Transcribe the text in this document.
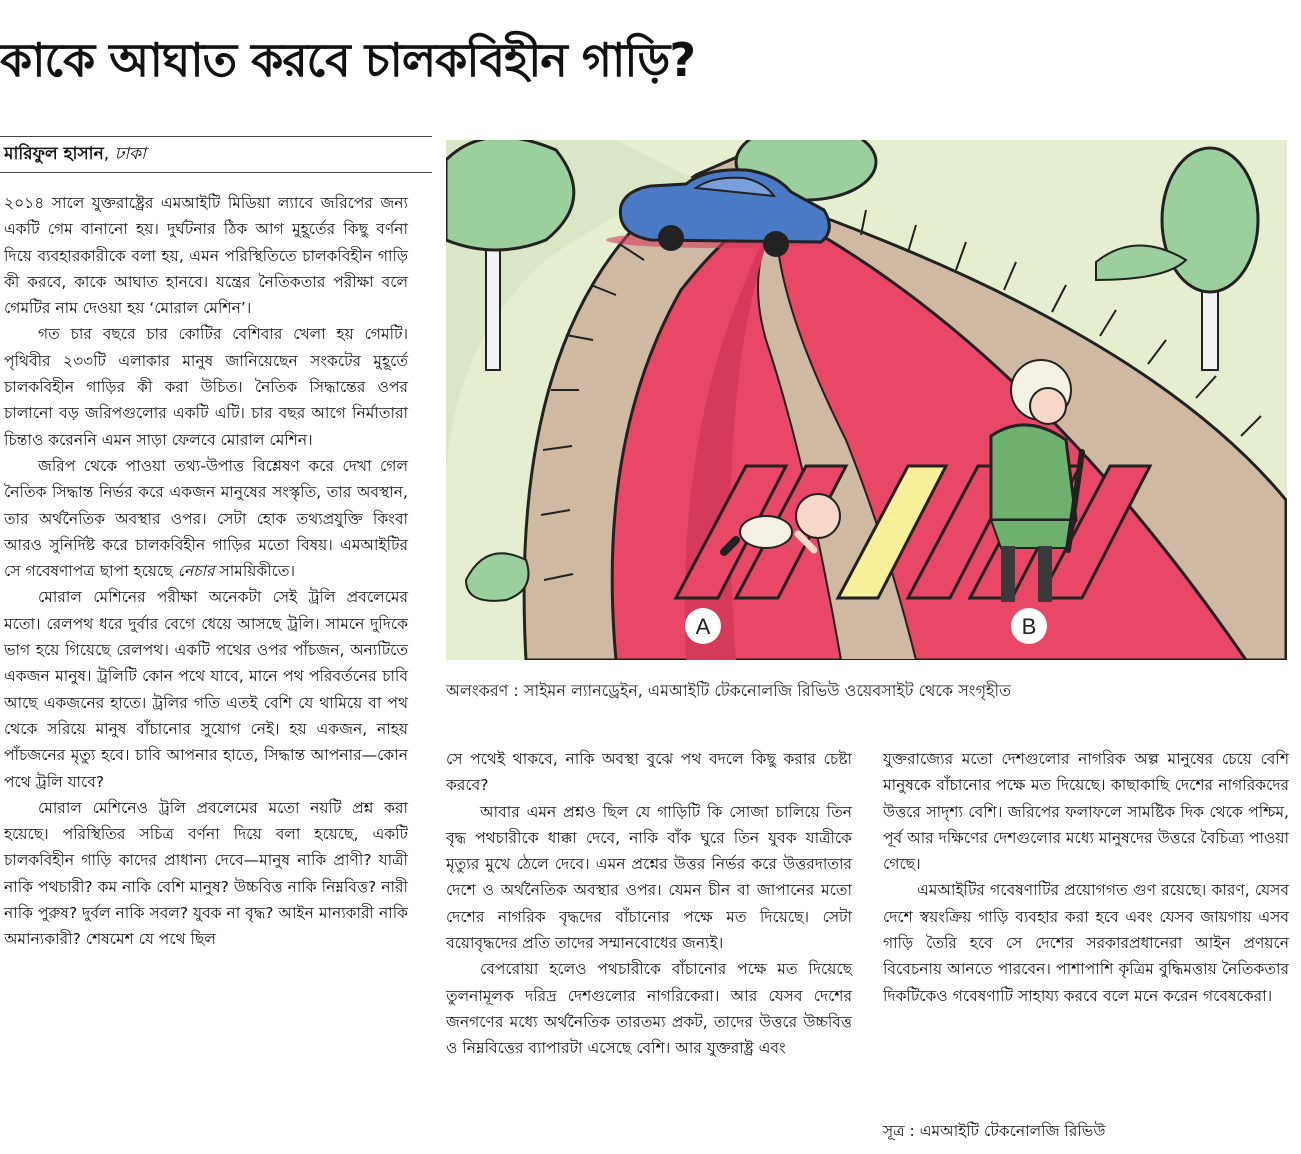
কাকে আঘাত করবে চালকবিহীন গাড়ি?
মারিফুল হাসান, ঢাকা

২০১৪ সালে যুক্তরাষ্ট্রের এমআইটি মিডিয়া ল্যাবে জরিপের জন্য একটি গেম বানানো হয়। দুর্ঘটনার ঠিক আগ মুহূর্তের কিছু বর্ণনা দিয়ে ব্যবহারকারীকে বলা হয়, এমন পরিস্থিতিতে চালকবিহীন গাড়ি কী করবে, কাকে আঘাত হানবে। যন্ত্রের নৈতিকতার পরীক্ষা বলে গেমটির নাম দেওয়া হয় ‘মোরাল মেশিন’।

গত চার বছরে চার কোটির বেশিবার খেলা হয় গেমটি। পৃথিবীর ২৩৩টি এলাকার মানুষ জানিয়েছেন সংকটের মুহূর্তে চালকবিহীন গাড়ির কী করা উচিত। নৈতিক সিদ্ধান্তের ওপর চালানো বড় জরিপগুলোর একটি এটি। চার বছর আগে নির্মাতারা চিন্তাও করেননি এমন সাড়া ফেলবে মোরাল মেশিন।

জরিপ থেকে পাওয়া তথ্য-উপাত্ত বিশ্লেষণ করে দেখা গেল নৈতিক সিদ্ধান্ত নির্ভর করে একজন মানুষের সংস্কৃতি, তার অবস্থান, তার অর্থনৈতিক অবস্থার ওপর। সেটা হোক তথ্যপ্রযুক্তি কিংবা আরও সুনির্দিষ্ট করে চালকবিহীন গাড়ির মতো বিষয়। এমআইটির সে গবেষণাপত্র ছাপা হয়েছে নেচার সাময়িকীতে।

মোরাল মেশিনের পরীক্ষা অনেকটা সেই ট্রলি প্রবলেমের মতো। রেলপথ ধরে দুর্বার বেগে ধেয়ে আসছে ট্রলি। সামনে দুদিকে ভাগ হয়ে গিয়েছে রেলপথ। একটি পথের ওপর পাঁচজন, অন্যটিতে একজন মানুষ। ট্রলিটি কোন পথে যাবে, মানে পথ পরিবর্তনের চাবি আছে একজনের হাতে। ট্রলির গতি এতই বেশি যে থামিয়ে বা পথ থেকে সরিয়ে মানুষ বাঁচানোর সুযোগ নেই। হয় একজন, নাহয় পাঁচজনের মৃত্যু হবে। চাবি আপনার হাতে, সিদ্ধান্ত আপনার—কোন পথে ট্রলি যাবে?

মোরাল মেশিনেও ট্রলি প্রবলেমের মতো নয়টি প্রশ্ন করা হয়েছে। পরিস্থিতির সচিত্র বর্ণনা দিয়ে বলা হয়েছে, একটি চালকবিহীন গাড়ি কাদের প্রাধান্য দেবে—মানুষ নাকি প্রাণী? যাত্রী নাকি পথচারী? কম নাকি বেশি মানুষ? উচ্চবিত্ত নাকি নিম্নবিত্ত? নারী নাকি পুরুষ? দুর্বল নাকি সবল? যুবক না বৃদ্ধ? আইন মান্যকারী নাকি অমান্যকারী? শেষমেশ যে পথে ছিল

A	B
অলংকরণ : সাইমন ল্যানড্রেইন, এমআইটি টেকনোলজি রিভিউ ওয়েবসাইট থেকে সংগৃহীত

সে পথেই থাকবে, নাকি অবস্থা বুঝে পথ বদলে কিছু করার চেষ্টা করবে?

আবার এমন প্রশ্নও ছিল যে গাড়িটি কি সোজা চালিয়ে তিন বৃদ্ধ পথচারীকে ধাক্কা দেবে, নাকি বাঁক ঘুরে তিন যুবক যাত্রীকে মৃত্যুর মুখে ঠেলে দেবে। এমন প্রশ্নের উত্তর নির্ভর করে উত্তরদাতার দেশে ও অর্থনৈতিক অবস্থার ওপর। যেমন চীন বা জাপানের মতো দেশের নাগরিক বৃদ্ধদের বাঁচানোর পক্ষে মত দিয়েছে। সেটা বয়োবৃদ্ধদের প্রতি তাদের সম্মানবোধের জন্যই।

বেপরোয়া হলেও পথচারীকে বাঁচানোর পক্ষে মত দিয়েছে তুলনামূলক দরিদ্র দেশগুলোর নাগরিকেরা। আর যেসব দেশের জনগণের মধ্যে অর্থনৈতিক তারতম্য প্রকট, তাদের উত্তরে উচ্চবিত্ত ও নিম্নবিত্তের ব্যাপারটা এসেছে বেশি। আর যুক্তরাষ্ট্র এবং

যুক্তরাজ্যের মতো দেশগুলোর নাগরিক অল্প মানুষের চেয়ে বেশি মানুষকে বাঁচানোর পক্ষে মত দিয়েছে। কাছাকাছি দেশের নাগরিকদের উত্তরে সাদৃশ্য বেশি। জরিপের ফলাফলে সামষ্টিক দিক থেকে পশ্চিম, পূর্ব আর দক্ষিণের দেশগুলোর মধ্যে মানুষদের উত্তরে বৈচিত্র্য পাওয়া গেছে।

এমআইটির গবেষণাটির প্রয়োগগত গুণ রয়েছে। কারণ, যেসব দেশে স্বয়ংক্রিয় গাড়ি ব্যবহার করা হবে এবং যেসব জায়গায় এসব গাড়ি তৈরি হবে সে দেশের সরকারপ্রধানেরা আইন প্রণয়নে বিবেচনায় আনতে পারবেন। পাশাপাশি কৃত্রিম বুদ্ধিমত্তায় নৈতিকতার দিকটিকেও গবেষণাটি সাহায্য করবে বলে মনে করেন গবেষকেরা।

সূত্র : এমআইটি টেকনোলজি রিভিউ
